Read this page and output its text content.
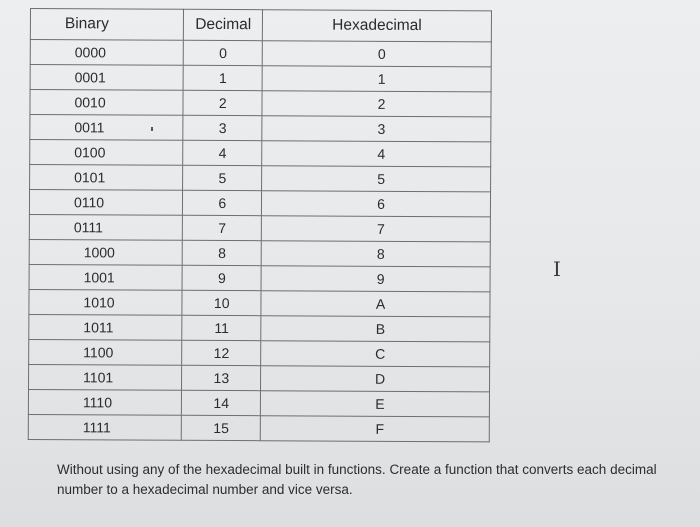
Binary	Decimal	Hexadecimal
0000	0	0
0001	1	1
0010	2	2
0011	3	3
0100	4	4
0101	5	5
0110	6	6
0111	7	7
1000	8	8
1001	9	9
1010	10	A
1011	11	B
1100	12	C
1101	13	D
1110	14	E
1111	15	F
I
Without using any of the hexadecimal built in functions. Create a function that converts each decimal number to a hexadecimal number and vice versa.
